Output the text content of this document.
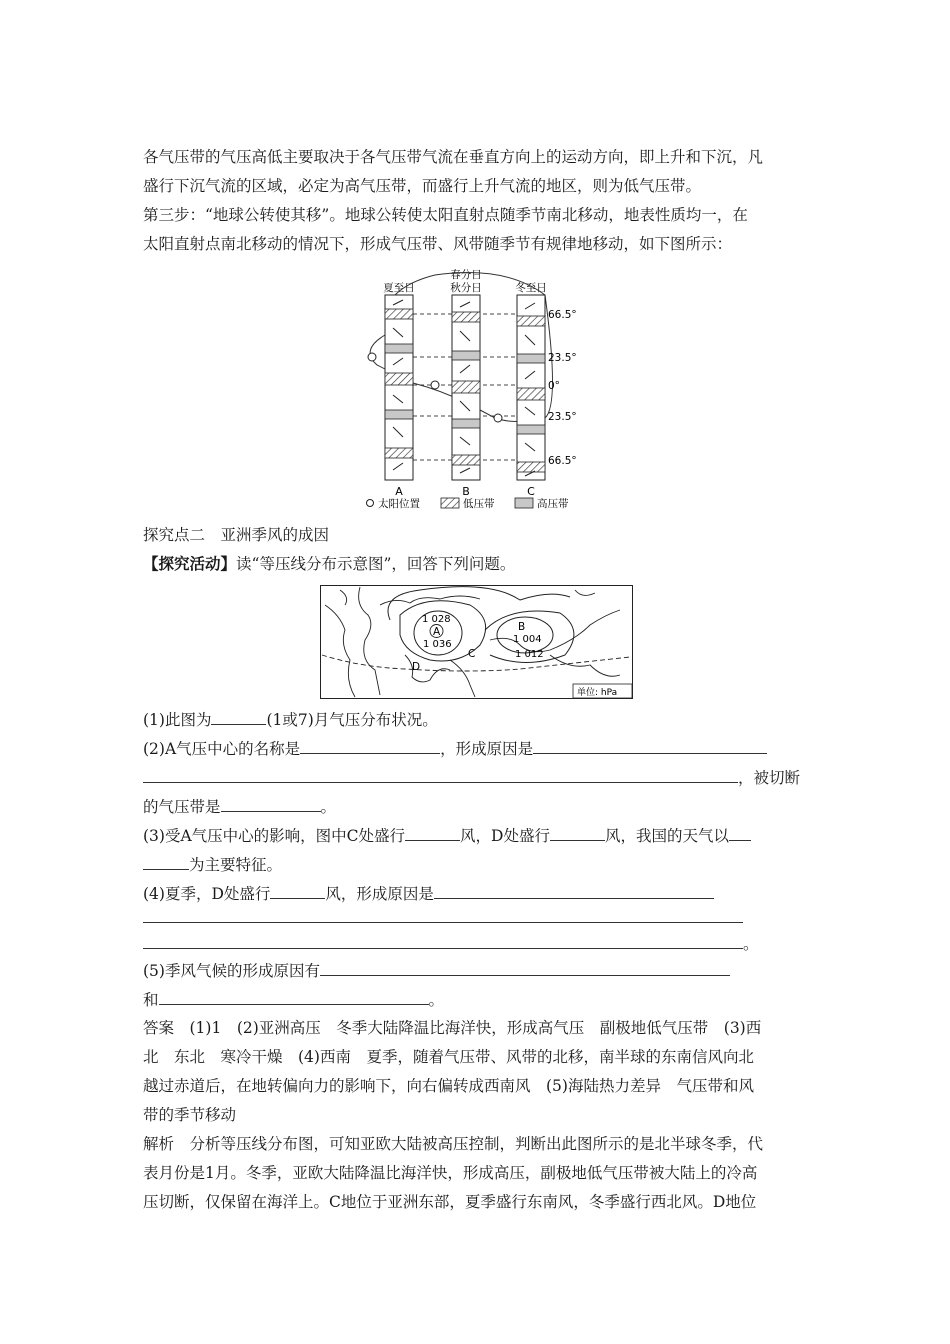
各气压带的气压高低主要取决于各气压带气流在垂直方向上的运动方向，即上升和下沉，凡
盛行下沉气流的区域，必定为高气压带，而盛行上升气流的地区，则为低气压带。
第三步：“地球公转使其移”。地球公转使太阳直射点随季节南北移动，地表性质均一，在
太阳直射点南北移动的情况下，形成气压带、风带随季节有规律地移动，如下图所示：
夏至日
春分日
秋分日	冬至日
66.5°
23.5°
0°
23.5°
66.5°
A	B	C
太阳位置	低压带	高压带
探究点二　亚洲季风的成因
【探究活动】读“等压线分布示意图”，回答下列问题。
1 028
A
1 036
C
B
1 004
1 012
D
单位: hPa
(1)此图为	(1或7)月气压分布状况。
(2)A气压中心的名称是	，形成原因是
，被切断
的气压带是	。
(3)受A气压中心的影响，图中C处盛行	风，D处盛行	风，我国的天气以
为主要特征。
(4)夏季，D处盛行	风，形成原因是
。
(5)季风气候的形成原因有
和	。
答案　(1)1　(2)亚洲高压　冬季大陆降温比海洋快，形成高气压　副极地低气压带　(3)西
北　东北　寒冷干燥　(4)西南　夏季，随着气压带、风带的北移，南半球的东南信风向北
越过赤道后，在地转偏向力的影响下，向右偏转成西南风　(5)海陆热力差异　气压带和风
带的季节移动
解析　分析等压线分布图，可知亚欧大陆被高压控制，判断出此图所示的是北半球冬季，代
表月份是1月。冬季，亚欧大陆降温比海洋快，形成高压，副极地低气压带被大陆上的冷高
压切断，仅保留在海洋上。C地位于亚洲东部，夏季盛行东南风，冬季盛行西北风。D地位
